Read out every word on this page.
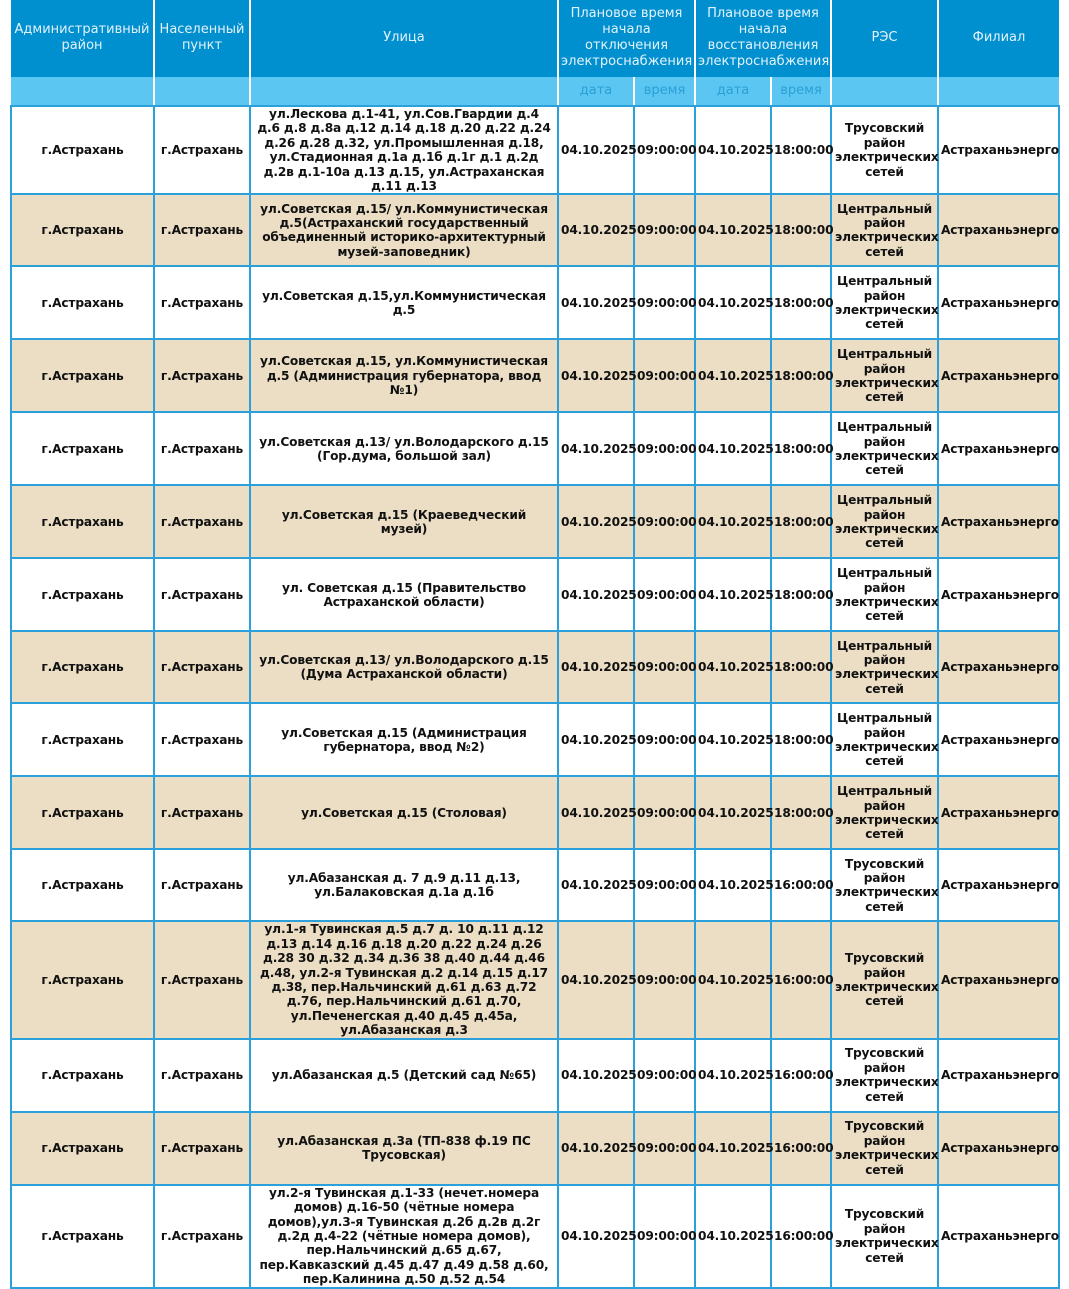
Административный район	Населенный пункт	Улица	Плановое время начала отключения электроснабжения		Плановое время начала восстановления электроснабжения		РЭС	Филиал
			дата	время	дата	время		
г.Астрахань	г.Астрахань	ул.Лескова д.1-41, ул.Сов.Гвардии д.4 д.6 д.8 д.8а д.12 д.14 д.18 д.20 д.22 д.24 д.26 д.28 д.32, ул.Промышленная д.18, ул.Стадионная д.1а д.1б д.1г д.1 д.2д д.2в д.1-10а д.13 д.15, ул.Астраханская д.11 д.13	04.10.2025	09:00:00	04.10.2025	18:00:00	Трусовский район электрических сетей	Астраханьэнерго
г.Астрахань	г.Астрахань	ул.Советская д.15/ ул.Коммунистическая д.5(Астраханский государственный объединенный историко-архитектурный музей-заповедник)	04.10.2025	09:00:00	04.10.2025	18:00:00	Центральный район электрических сетей	Астраханьэнерго
г.Астрахань	г.Астрахань	ул.Советская д.15,ул.Коммунистическая д.5	04.10.2025	09:00:00	04.10.2025	18:00:00	Центральный район электрических сетей	Астраханьэнерго
г.Астрахань	г.Астрахань	ул.Советская д.15, ул.Коммунистическая д.5 (Администрация губернатора, ввод №1)	04.10.2025	09:00:00	04.10.2025	18:00:00	Центральный район электрических сетей	Астраханьэнерго
г.Астрахань	г.Астрахань	ул.Советская д.13/ ул.Володарского д.15 (Гор.дума, большой зал)	04.10.2025	09:00:00	04.10.2025	18:00:00	Центральный район электрических сетей	Астраханьэнерго
г.Астрахань	г.Астрахань	ул.Советская д.15 (Краеведческий музей)	04.10.2025	09:00:00	04.10.2025	18:00:00	Центральный район электрических сетей	Астраханьэнерго
г.Астрахань	г.Астрахань	ул. Советская д.15 (Правительство Астраханской области)	04.10.2025	09:00:00	04.10.2025	18:00:00	Центральный район электрических сетей	Астраханьэнерго
г.Астрахань	г.Астрахань	ул.Советская д.13/ ул.Володарского д.15 (Дума Астраханской области)	04.10.2025	09:00:00	04.10.2025	18:00:00	Центральный район электрических сетей	Астраханьэнерго
г.Астрахань	г.Астрахань	ул.Советская д.15 (Администрация губернатора, ввод №2)	04.10.2025	09:00:00	04.10.2025	18:00:00	Центральный район электрических сетей	Астраханьэнерго
г.Астрахань	г.Астрахань	ул.Советская д.15 (Столовая)	04.10.2025	09:00:00	04.10.2025	18:00:00	Центральный район электрических сетей	Астраханьэнерго
г.Астрахань	г.Астрахань	ул.Абазанская д. 7 д.9 д.11 д.13, ул.Балаковская д.1а д.1б	04.10.2025	09:00:00	04.10.2025	16:00:00	Трусовский район электрических сетей	Астраханьэнерго
г.Астрахань	г.Астрахань	ул.1-я Тувинская д.5 д.7 д. 10 д.11 д.12 д.13 д.14 д.16 д.18 д.20 д.22 д.24 д.26 д.28 30 д.32 д.34 д.36 38 д.40 д.44 д.46 д.48, ул.2-я Тувинская д.2 д.14 д.15 д.17 д.38, пер.Нальчинский д.61 д.63 д.72 д.76, пер.Нальчинский д.61 д.70, ул.Печенегская д.40 д.45 д.45а, ул.Абазанская д.3	04.10.2025	09:00:00	04.10.2025	16:00:00	Трусовский район электрических сетей	Астраханьэнерго
г.Астрахань	г.Астрахань	ул.Абазанская д.5 (Детский сад №65)	04.10.2025	09:00:00	04.10.2025	16:00:00	Трусовский район электрических сетей	Астраханьэнерго
г.Астрахань	г.Астрахань	ул.Абазанская д.3а (ТП-838 ф.19 ПС Трусовская)	04.10.2025	09:00:00	04.10.2025	16:00:00	Трусовский район электрических сетей	Астраханьэнерго
г.Астрахань	г.Астрахань	ул.2-я Тувинская д.1-33 (нечет.номера домов) д.16-50 (чётные номера домов),ул.3-я Тувинская д.2б д.2в д.2г д.2д д.4-22 (чётные номера домов), пер.Нальчинский д.65 д.67, пер.Кавказский д.45 д.47 д.49 д.58 д.60, пер.Калинина д.50 д.52 д.54	04.10.2025	09:00:00	04.10.2025	16:00:00	Трусовский район электрических сетей	Астраханьэнерго
